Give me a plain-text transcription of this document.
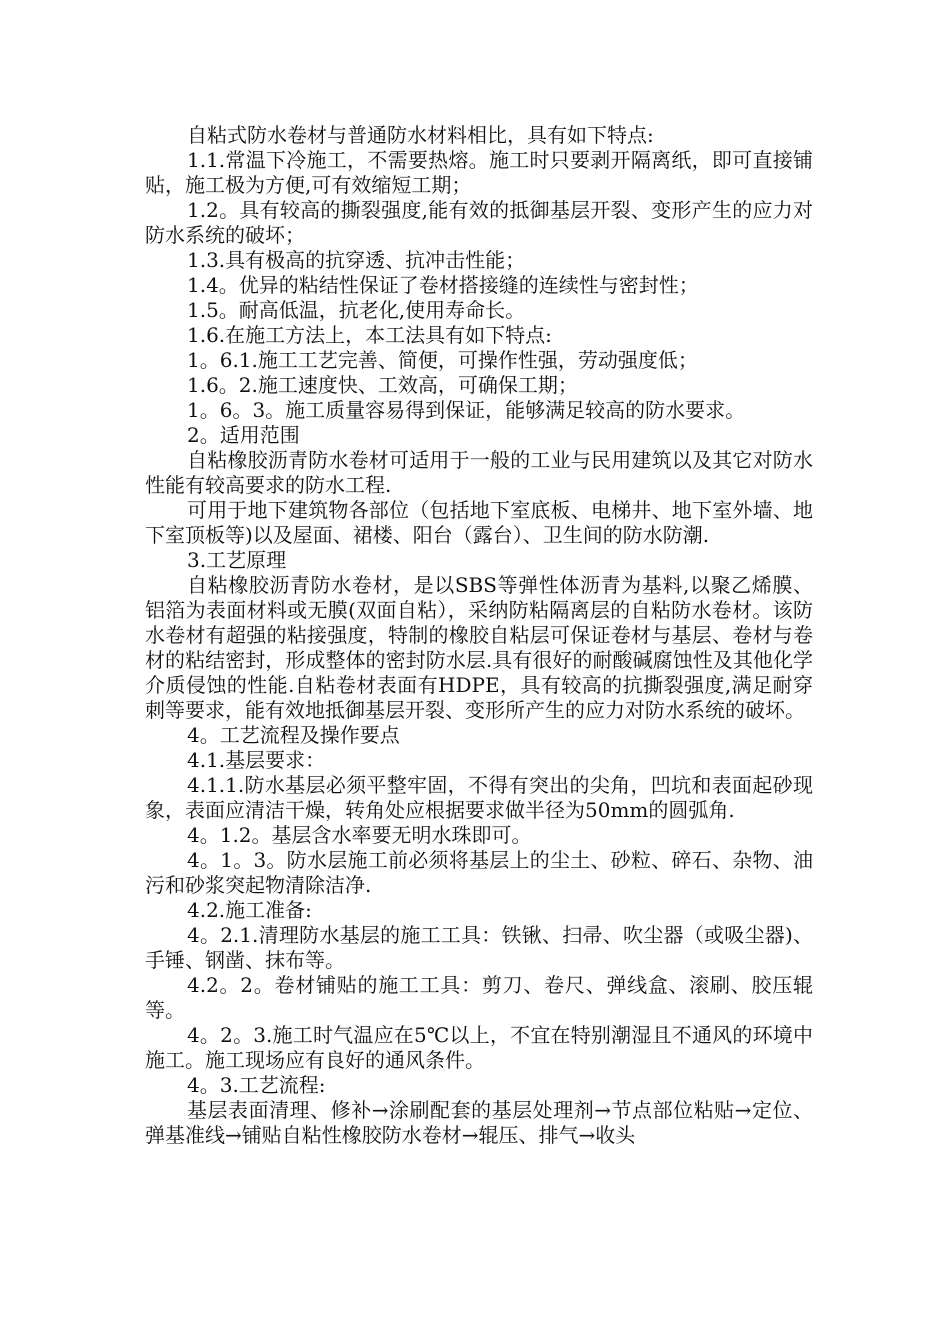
自粘式防水卷材与普通防水材料相比，具有如下特点:

1.1.常温下冷施工，不需要热熔。施工时只要剥开隔离纸，即可直接铺贴，施工极为方便,可有效缩短工期；

1.2。具有较高的撕裂强度,能有效的抵御基层开裂、变形产生的应力对防水系统的破坏；

1.3.具有极高的抗穿透、抗冲击性能；

1.4。优异的粘结性保证了卷材搭接缝的连续性与密封性；

1.5。耐高低温，抗老化,使用寿命长。

1.6.在施工方法上，本工法具有如下特点:

1。6.1.施工工艺完善、简便，可操作性强，劳动强度低；

1.6。2.施工速度快、工效高，可确保工期；

1。6。3。施工质量容易得到保证，能够满足较高的防水要求。

2。适用范围

自粘橡胶沥青防水卷材可适用于一般的工业与民用建筑以及其它对防水性能有较高要求的防水工程.

可用于地下建筑物各部位（包括地下室底板、电梯井、地下室外墙、地下室顶板等)以及屋面、裙楼、阳台（露台）、卫生间的防水防潮.

3.工艺原理

自粘橡胶沥青防水卷材，是以SBS等弹性体沥青为基料,以聚乙烯膜、铝箔为表面材料或无膜(双面自粘），采纳防粘隔离层的自粘防水卷材。该防水卷材有超强的粘接强度，特制的橡胶自粘层可保证卷材与基层、卷材与卷材的粘结密封，形成整体的密封防水层.具有很好的耐酸碱腐蚀性及其他化学介质侵蚀的性能.自粘卷材表面有HDPE，具有较高的抗撕裂强度,满足耐穿刺等要求，能有效地抵御基层开裂、变形所产生的应力对防水系统的破坏。

4。工艺流程及操作要点

4.1.基层要求：

4.1.1.防水基层必须平整牢固，不得有突出的尖角，凹坑和表面起砂现象，表面应清洁干燥，转角处应根据要求做半径为50mm的圆弧角.

4。1.2。基层含水率要无明水珠即可。

4。1。3。防水层施工前必须将基层上的尘土、砂粒、碎石、杂物、油污和砂浆突起物清除洁净.

4.2.施工准备:

4。2.1.清理防水基层的施工工具：铁锹、扫帚、吹尘器（或吸尘器)、手锤、钢凿、抹布等。

4.2。2。卷材铺贴的施工工具：剪刀、卷尺、弹线盒、滚刷、胶压辊等。

4。2。3.施工时气温应在5℃以上，不宜在特别潮湿且不通风的环境中施工。施工现场应有良好的通风条件。

4。3.工艺流程:

基层表面清理、修补→涂刷配套的基层处理剂→节点部位粘贴→定位、弹基准线→铺贴自粘性橡胶防水卷材→辊压、排气→收头
